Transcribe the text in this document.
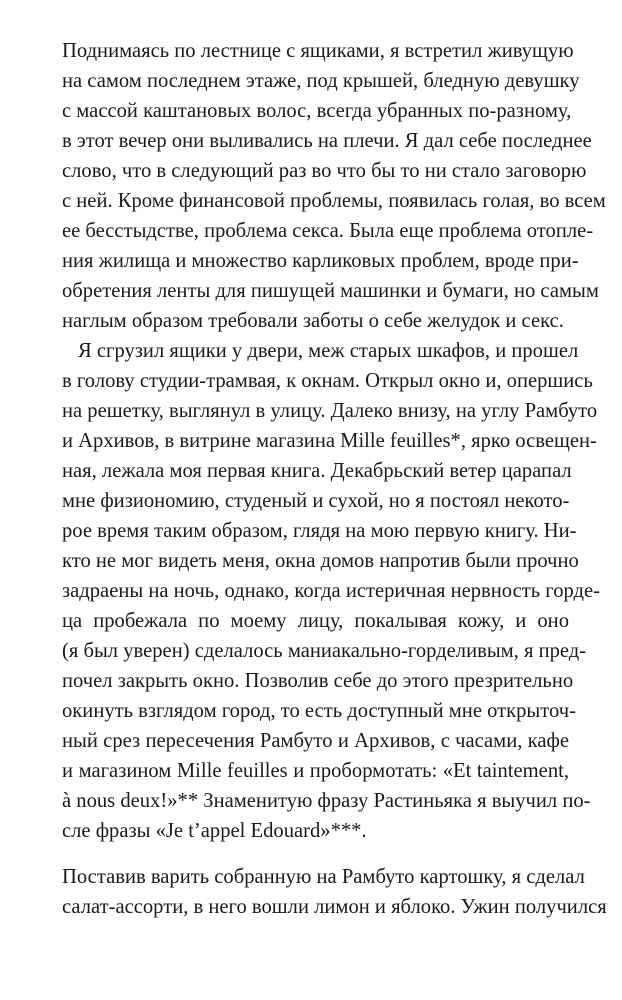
Поднимаясь по лестнице с ящиками, я встретил живущую
на самом последнем этаже, под крышей, бледную девушку
с массой каштановых волос, всегда убранных по-разному,
в этот вечер они выливались на плечи. Я дал себе последнее
слово, что в следующий раз во что бы то ни стало заговорю
с ней. Кроме финансовой проблемы, появилась голая, во всем
ее бесстыдстве, проблема секса. Была еще проблема отопле-
ния жилища и множество карликовых проблем, вроде при-
обретения ленты для пишущей машинки и бумаги, но самым
наглым образом требовали заботы о себе желудок и секс.
Я сгрузил ящики у двери, меж старых шкафов, и прошел
в голову студии-трамвая, к окнам. Открыл окно и, опершись
на решетку, выглянул в улицу. Далеко внизу, на углу Рамбуто
и Архивов, в витрине магазина Mille feuilles*, ярко освещен-
ная, лежала моя первая книга. Декабрьский ветер царапал
мне физиономию, студеный и сухой, но я постоял некото-
рое время таким образом, глядя на мою первую книгу. Ни-
кто не мог видеть меня, окна домов напротив были прочно
задраены на ночь, однако, когда истеричная нервность горде-
ца пробежала по моему лицу, покалывая кожу, и оно
(я был уверен) сделалось маниакально-горделивым, я пред-
почел закрыть окно. Позволив себе до этого презрительно
окинуть взглядом город, то есть доступный мне открыточ-
ный срез пересечения Рамбуто и Архивов, с часами, кафе
и магазином Mille feuilles и пробормотать: «Et taintement,
à nous deux!»** Знаменитую фразу Растиньяка я выучил по-
сле фразы «Je t’appel Edouard»***.
Поставив варить собранную на Рамбуто картошку, я сделал
салат-ассорти, в него вошли лимон и яблоко. Ужин получился
